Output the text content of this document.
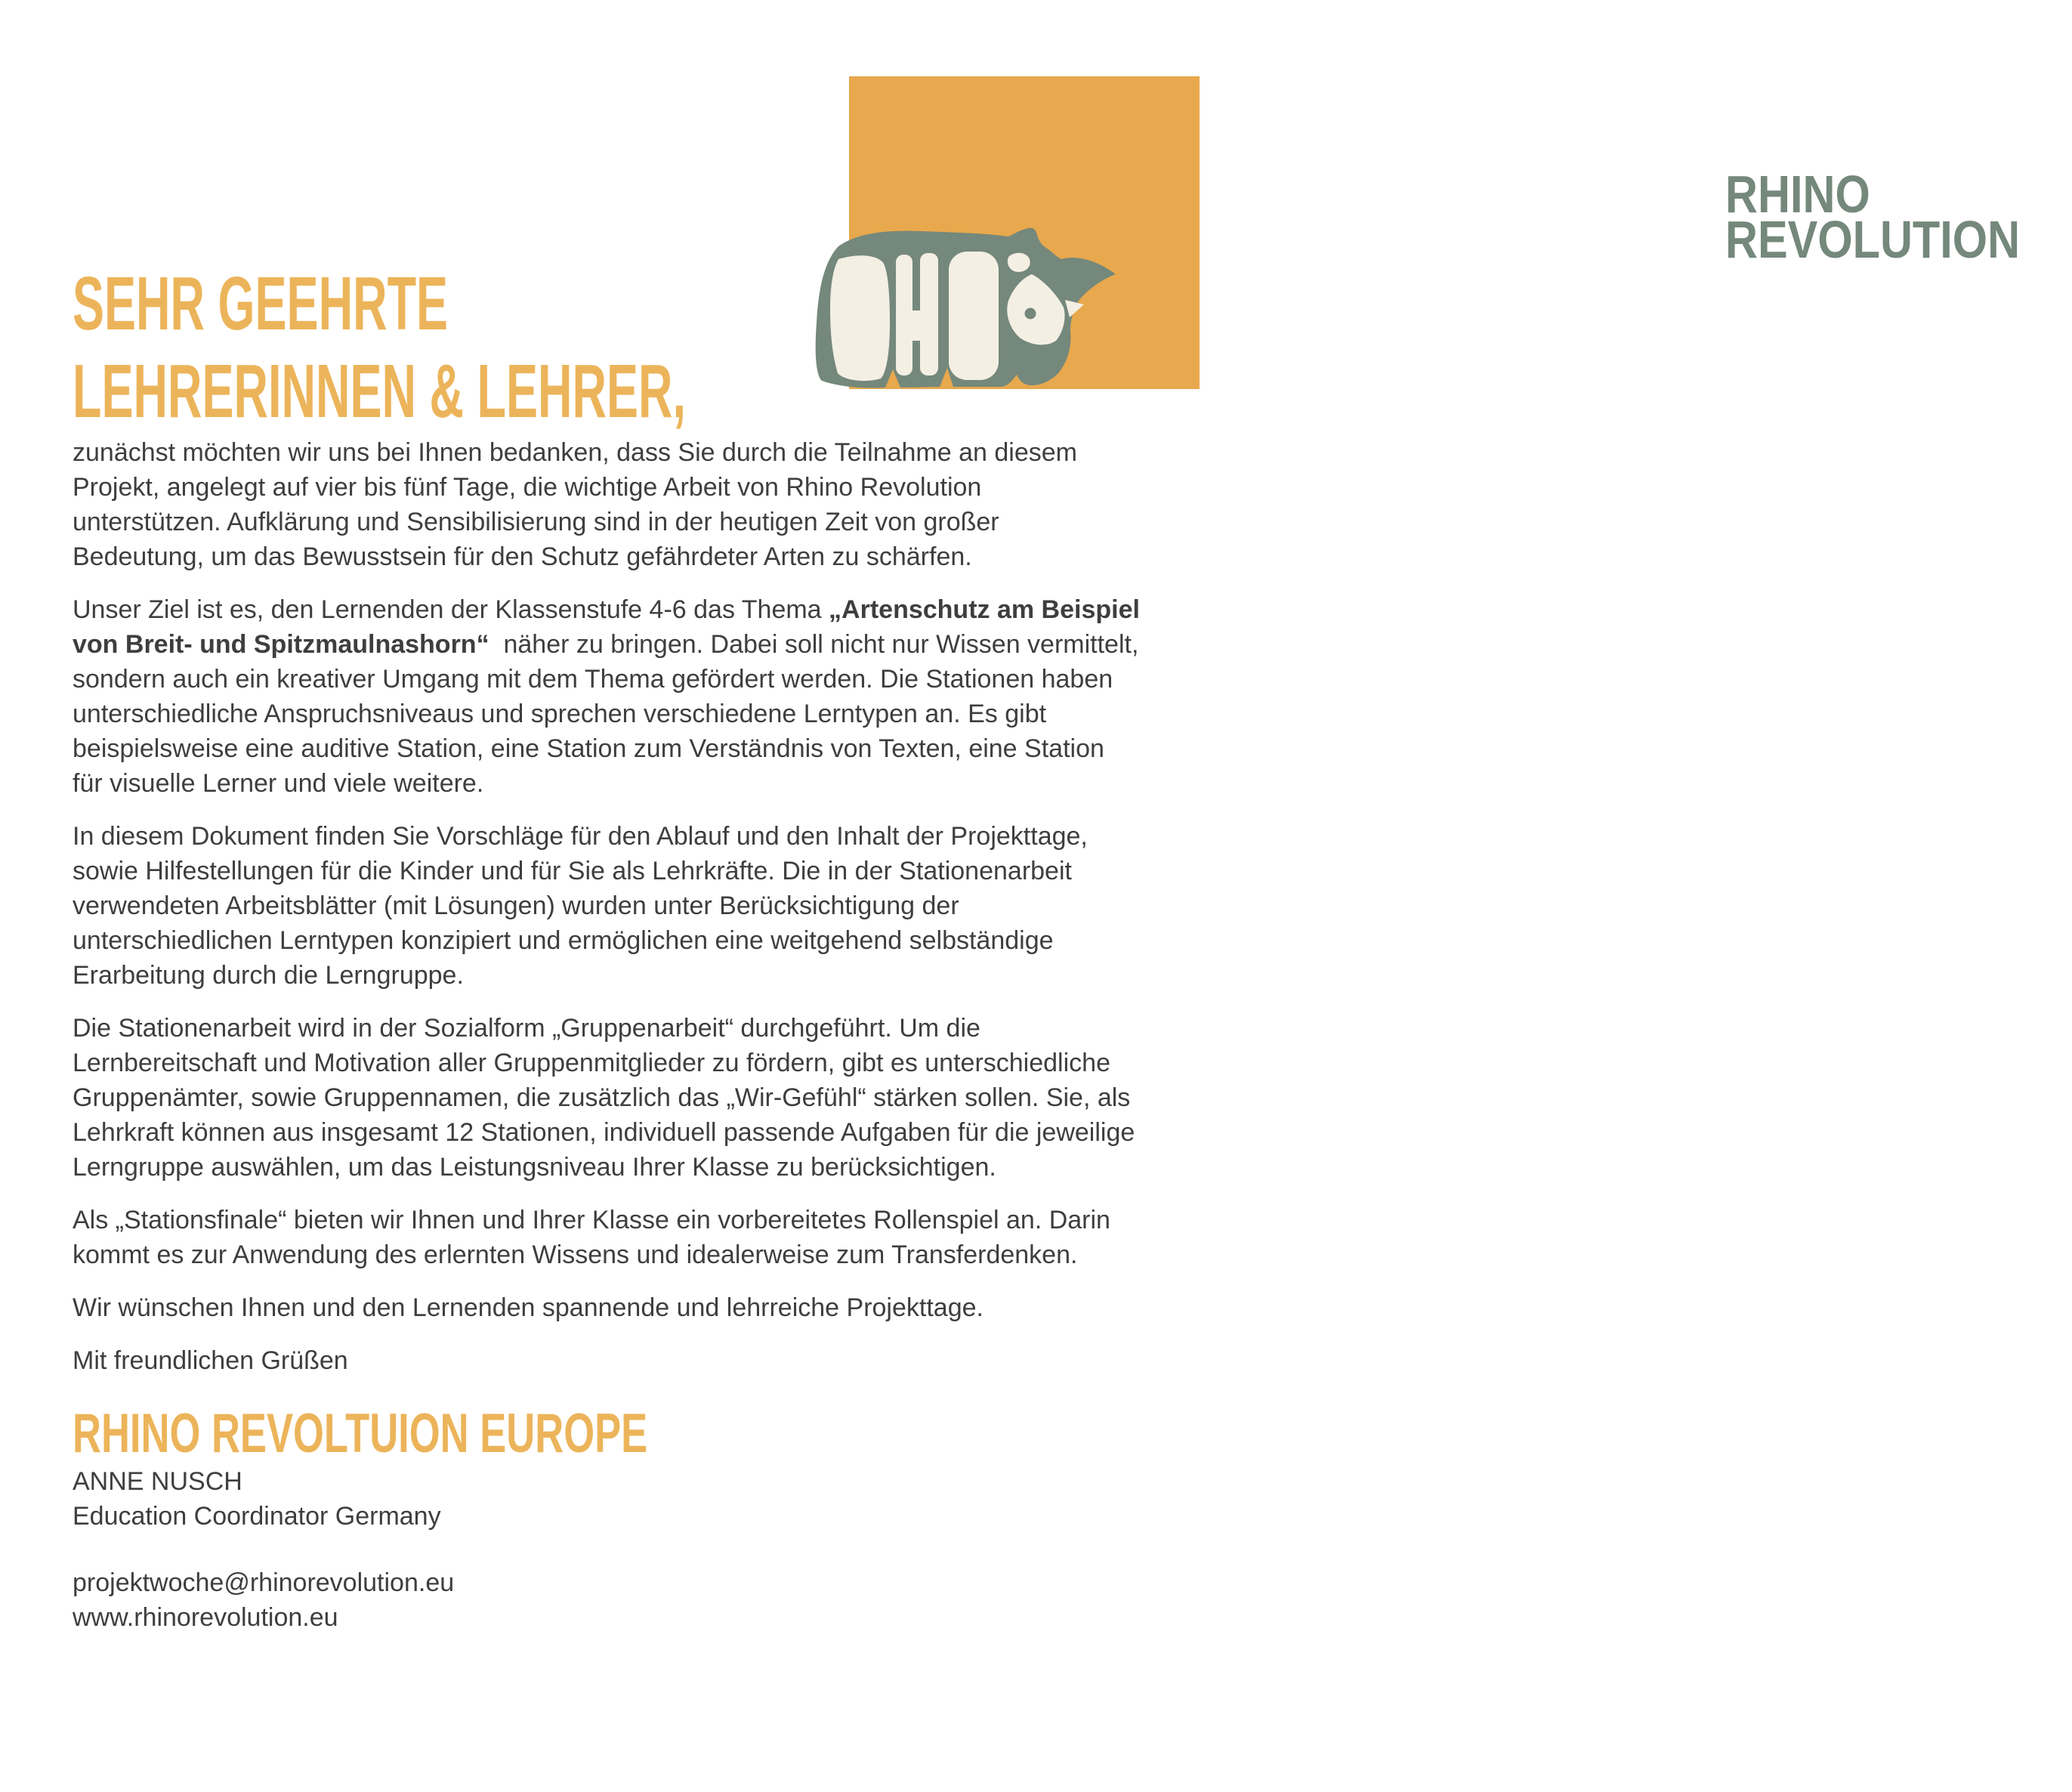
RHINO
REVOLUTION
SEHR GEEHRTE
LEHRERINNEN & LEHRER,
zunächst möchten wir uns bei Ihnen bedanken, dass Sie durch die Teilnahme an diesem
Projekt, angelegt auf vier bis fünf Tage, die wichtige Arbeit von Rhino Revolution
unterstützen. Aufklärung und Sensibilisierung sind in der heutigen Zeit von großer
Bedeutung, um das Bewusstsein für den Schutz gefährdeter Arten zu schärfen.
Unser Ziel ist es, den Lernenden der Klassenstufe 4-6 das Thema „Artenschutz am Beispiel
von Breit- und Spitzmaulnashorn“  näher zu bringen. Dabei soll nicht nur Wissen vermittelt,
sondern auch ein kreativer Umgang mit dem Thema gefördert werden. Die Stationen haben
unterschiedliche Anspruchsniveaus und sprechen verschiedene Lerntypen an. Es gibt
beispielsweise eine auditive Station, eine Station zum Verständnis von Texten, eine Station
für visuelle Lerner und viele weitere.
In diesem Dokument finden Sie Vorschläge für den Ablauf und den Inhalt der Projekttage,
sowie Hilfestellungen für die Kinder und für Sie als Lehrkräfte. Die in der Stationenarbeit
verwendeten Arbeitsblätter (mit Lösungen) wurden unter Berücksichtigung der
unterschiedlichen Lerntypen konzipiert und ermöglichen eine weitgehend selbständige
Erarbeitung durch die Lerngruppe.
Die Stationenarbeit wird in der Sozialform „Gruppenarbeit“ durchgeführt. Um die
Lernbereitschaft und Motivation aller Gruppenmitglieder zu fördern, gibt es unterschiedliche
Gruppenämter, sowie Gruppennamen, die zusätzlich das „Wir-Gefühl“ stärken sollen. Sie, als
Lehrkraft können aus insgesamt 12 Stationen, individuell passende Aufgaben für die jeweilige
Lerngruppe auswählen, um das Leistungsniveau Ihrer Klasse zu berücksichtigen.
Als „Stationsfinale“ bieten wir Ihnen und Ihrer Klasse ein vorbereitetes Rollenspiel an. Darin
kommt es zur Anwendung des erlernten Wissens und idealerweise zum Transferdenken.
Wir wünschen Ihnen und den Lernenden spannende und lehrreiche Projekttage.
Mit freundlichen Grüßen
RHINO REVOLTUION EUROPE
ANNE NUSCH
Education Coordinator Germany
projektwoche@rhinorevolution.eu
www.rhinorevolution.eu
